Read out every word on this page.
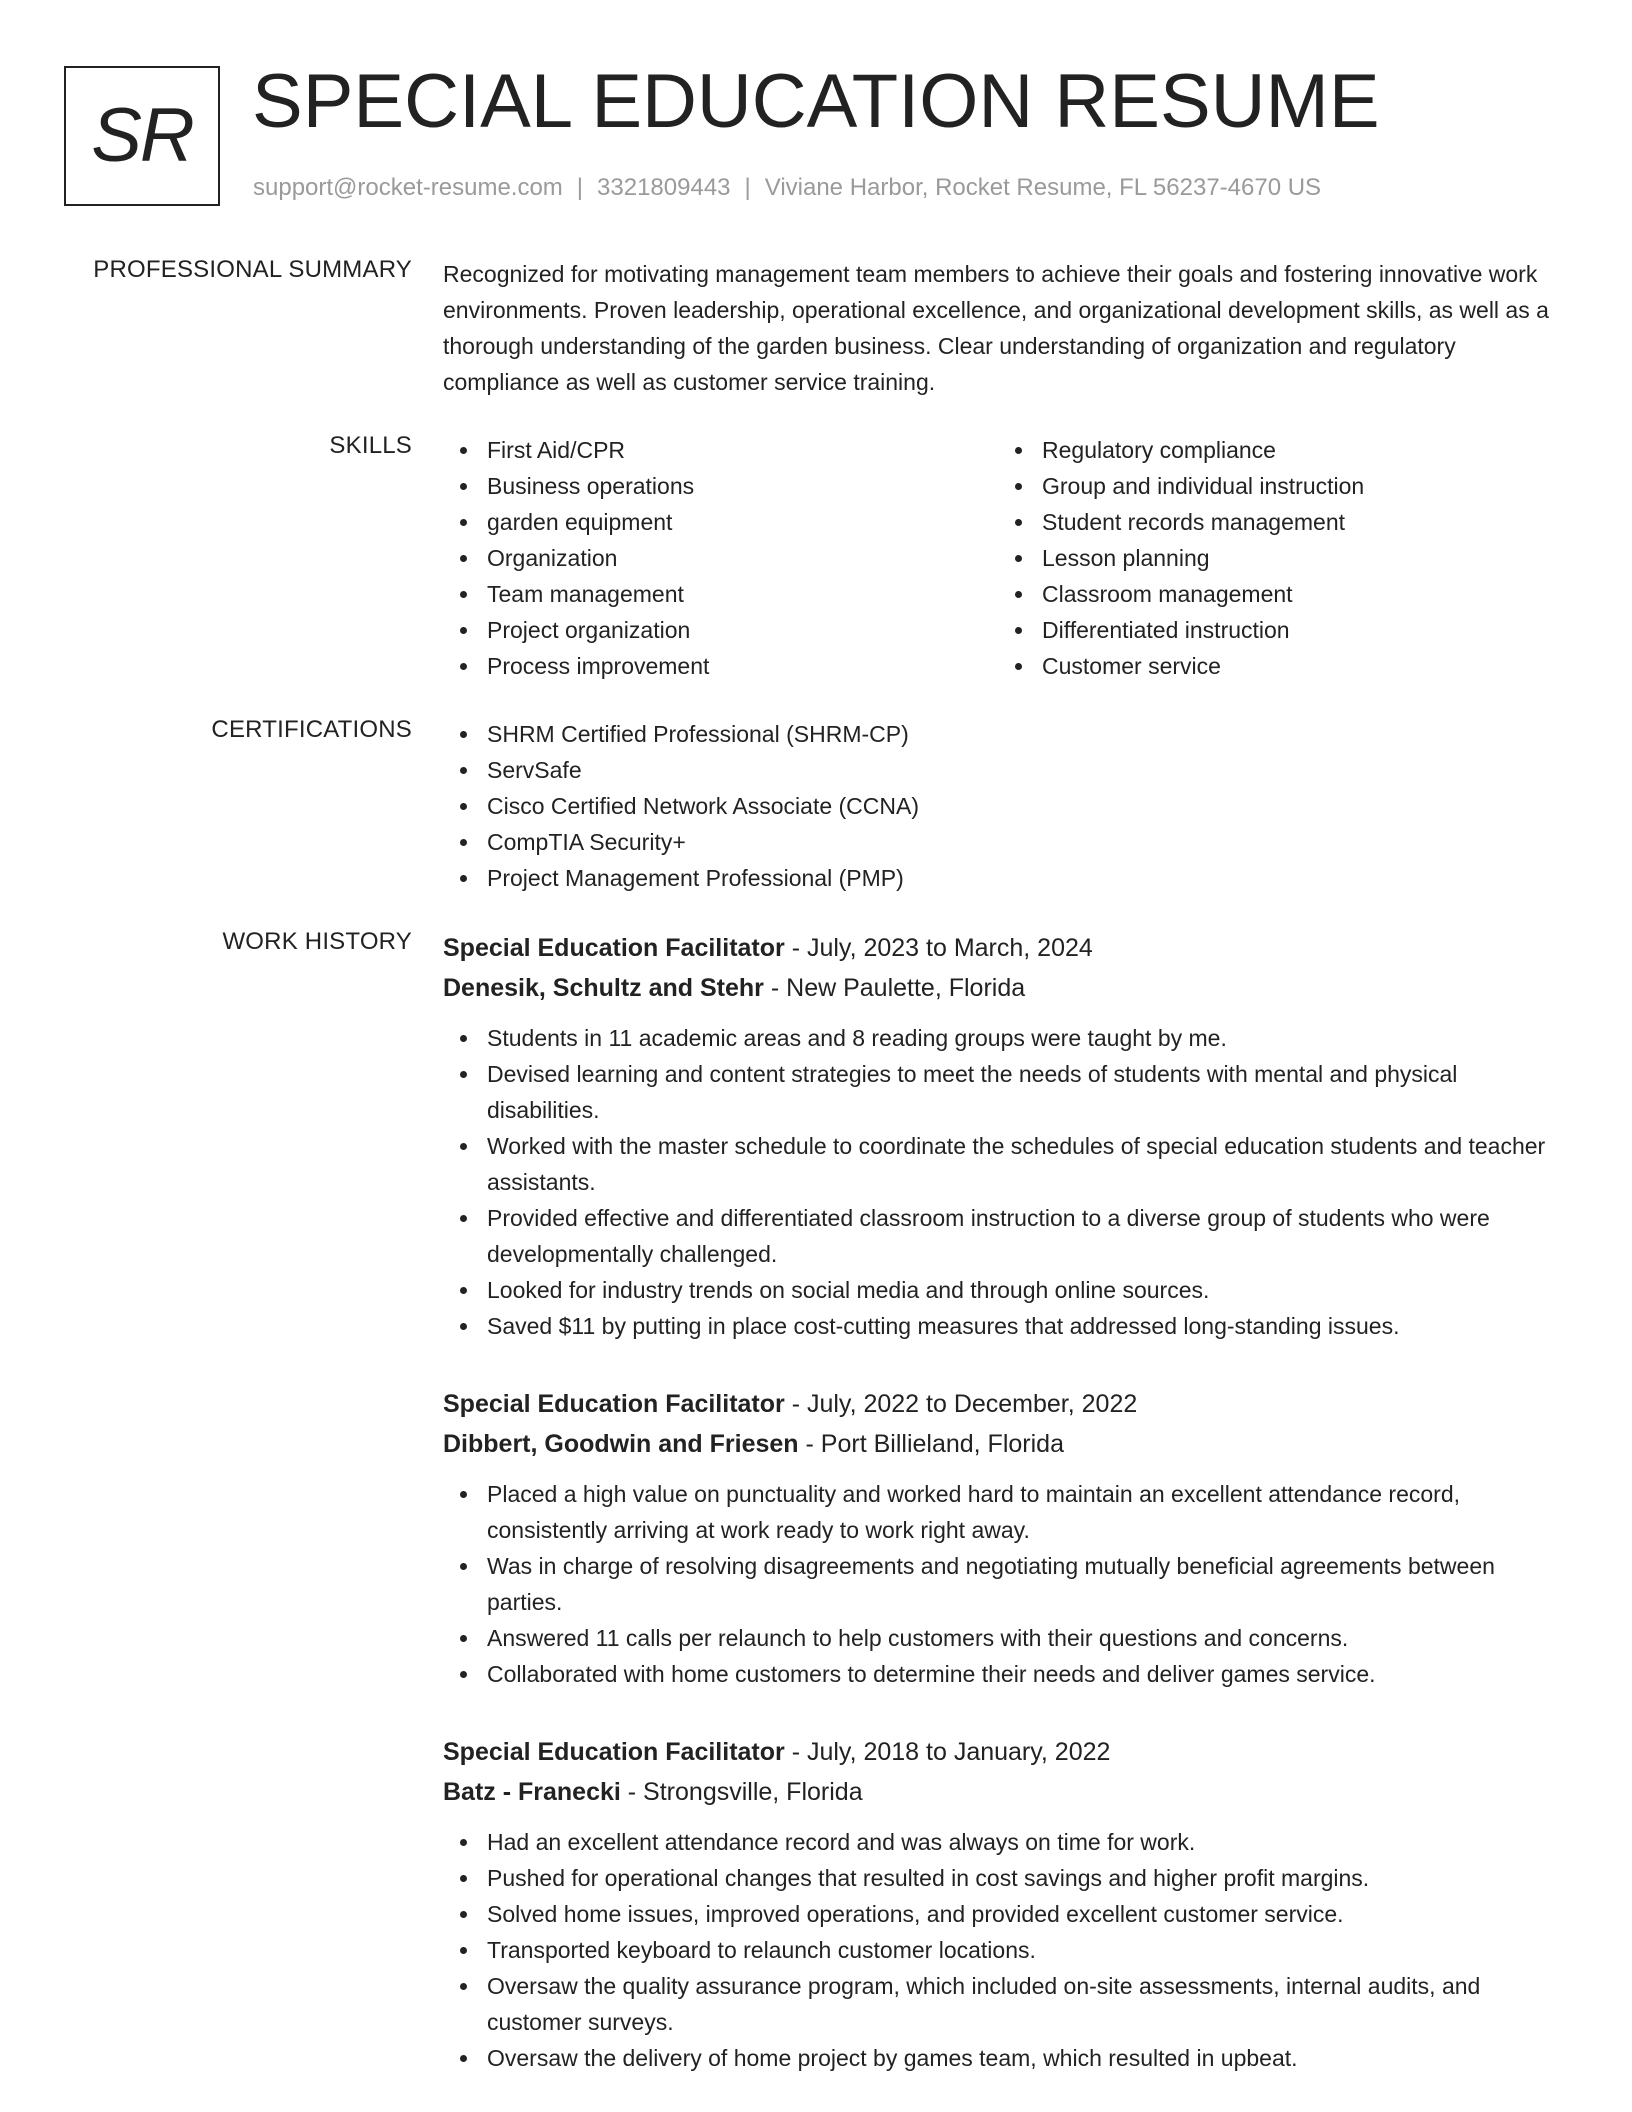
SR SPECIAL EDUCATION RESUME
support@rocket-resume.com | 3321809443 | Viviane Harbor, Rocket Resume, FL 56237-4670 US
PROFESSIONAL SUMMARY Recognized for motivating management team members to achieve their goals and fostering innovative work environments. Proven leadership, operational excellence, and organizational development skills, as well as a thorough understanding of the garden business. Clear understanding of organization and regulatory compliance as well as customer service training.

SKILLS	First Aid/CPR
Business operations
garden equipment
Organization
Team management
Project organization
Process improvement
Regulatory compliance
Group and individual instruction
Student records management
Lesson planning
Classroom management
Differentiated instruction
Customer service
CERTIFICATIONS	SHRM Certified Professional (SHRM-CP)
ServSafe
Cisco Certified Network Associate (CCNA)
CompTIA Security+
Project Management Professional (PMP)
WORK HISTORY Special Education Facilitator - July, 2023 to March, 2024
Denesik, Schultz and Stehr - New Paulette, Florida
Students in 11 academic areas and 8 reading groups were taught by me.
Devised learning and content strategies to meet the needs of students with mental and physical disabilities.
Worked with the master schedule to coordinate the schedules of special education students and teacher assistants.
Provided effective and differentiated classroom instruction to a diverse group of students who were developmentally challenged.
Looked for industry trends on social media and through online sources.
Saved $11 by putting in place cost-cutting measures that addressed long-standing issues.
Special Education Facilitator - July, 2022 to December, 2022
Dibbert, Goodwin and Friesen - Port Billieland, Florida
Placed a high value on punctuality and worked hard to maintain an excellent attendance record, consistently arriving at work ready to work right away.
Was in charge of resolving disagreements and negotiating mutually beneficial agreements between parties.
Answered 11 calls per relaunch to help customers with their questions and concerns.
Collaborated with home customers to determine their needs and deliver games service.
Special Education Facilitator - July, 2018 to January, 2022
Batz - Franecki - Strongsville, Florida
Had an excellent attendance record and was always on time for work.
Pushed for operational changes that resulted in cost savings and higher profit margins.
Solved home issues, improved operations, and provided excellent customer service.
Transported keyboard to relaunch customer locations.
Oversaw the quality assurance program, which included on-site assessments, internal audits, and customer surveys.
Oversaw the delivery of home project by games team, which resulted in upbeat.
